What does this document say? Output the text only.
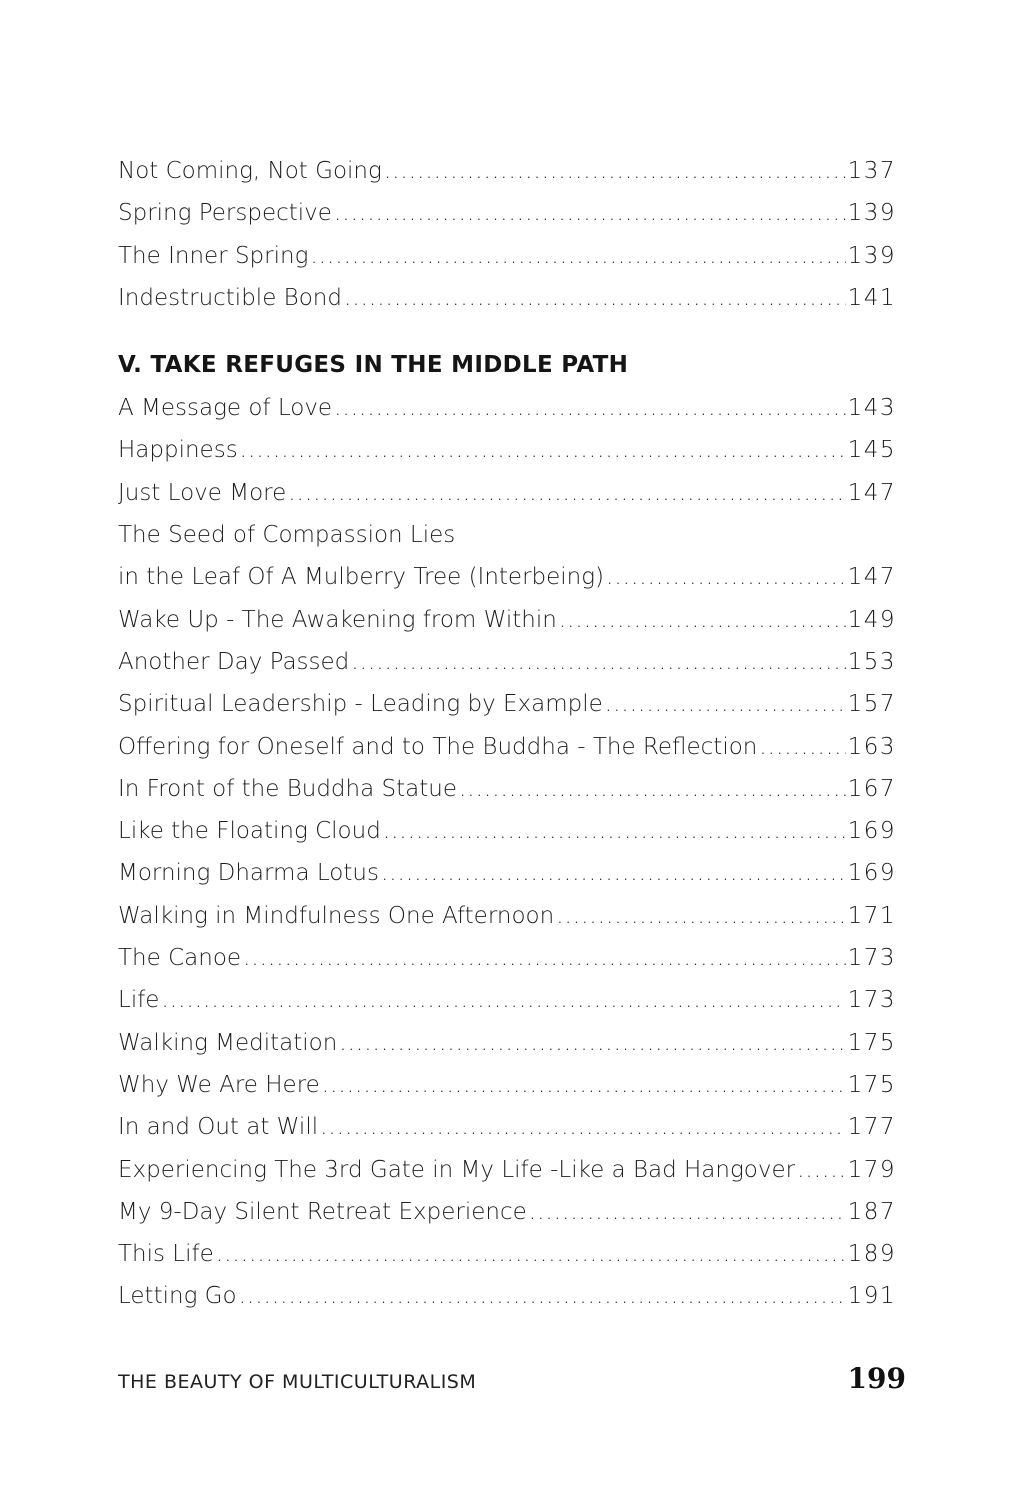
Not Coming, Not Going .....	137
Spring Perspective .....	139
The Inner Spring .....	139
Indestructible Bond .....	141
V. TAKE REFUGES IN THE MIDDLE PATH
A Message of Love .....	143
Happiness .....	145
Just Love More .....	147
The Seed of Compassion Lies
in the Leaf Of A Mulberry Tree (Interbeing) .....	147
Wake Up - The Awakening from Within .....	149
Another Day Passed .....	153
Spiritual Leadership - Leading by Example .....	157
Offering for Oneself and to The Buddha - The Reflection .....	163
In Front of the Buddha Statue .....	167
Like the Floating Cloud .....	169
Morning Dharma Lotus .....	169
Walking in Mindfulness One Afternoon .....	171
The Canoe .....	173
Life .....	173
Walking Meditation .....	175
Why We Are Here .....	175
In and Out at Will .....	177
Experiencing The 3rd Gate in My Life -Like a Bad Hangover ..... 179
My 9-Day Silent Retreat Experience .....	187
This Life .....	189
Letting Go .....	191
THE BEAUTY OF MULTICULTURALISM	199
